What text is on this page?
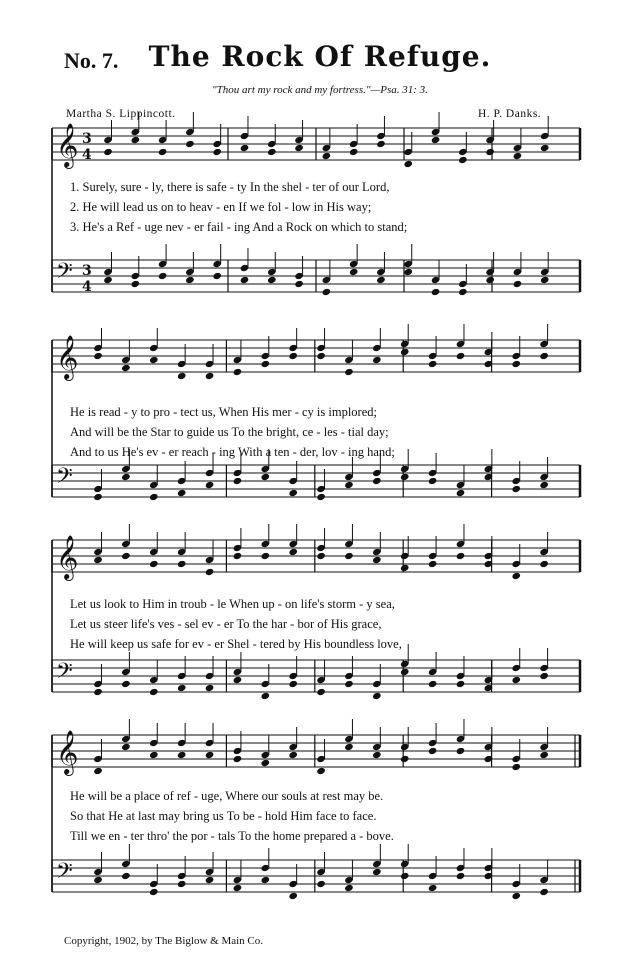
No. 7.	The Rock Of Refuge.
"Thou art my rock and my fortress."—Psa. 31: 3.
Martha S. Lippincott.	H. P. Danks.
𝄞 3
4
𝄢 3
4
𝄞
𝄢
𝄞
𝄢
𝄞
𝄢
1. Surely, sure - ly, there is safe - ty In the shel - ter of our Lord,
2. He will lead us on to heav - en If we fol - low in His way;
3. He's a Ref - uge nev - er fail - ing And a Rock on which to stand;
He is read - y to pro - tect us, When His mer - cy is implored;
And will be the Star to guide us To the bright, ce - les - tial day;
And to us He's ev - er reach - ing With a ten - der, lov - ing hand;
Let us look to Him in troub - le When up - on life's storm - y sea,
Let us steer life's ves - sel ev - er To the har - bor of His grace,
He will keep us safe for ev - er Shel - tered by His boundless love,
He will be a place of ref - uge, Where our souls at rest may be.
So that He at last may bring us To be - hold Him face to face.
Till we en - ter thro' the por - tals To the home prepared a - bove.
Copyright, 1902, by The Biglow & Main Co.
